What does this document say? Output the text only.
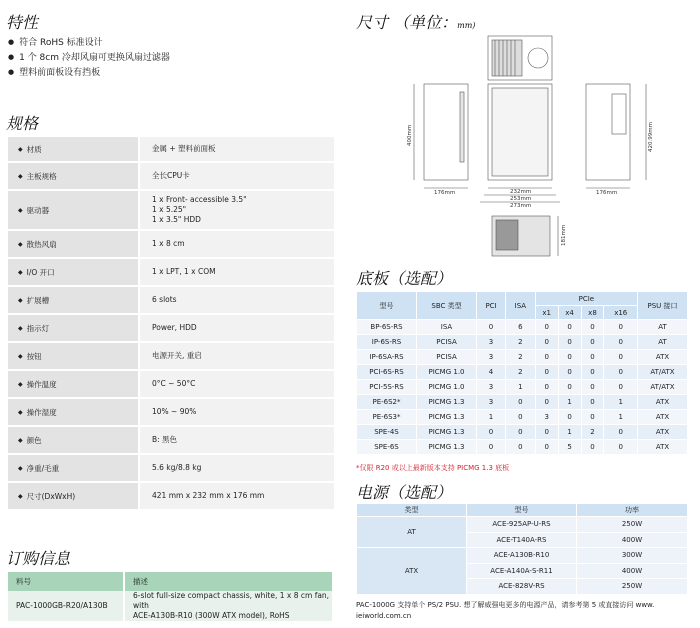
特性
● 符合 RoHS 标准设计
● 1 个 8cm 冷却风扇可更换风扇过滤器
● 塑料前面板设有挡板
规格
◆ 材质	金属 + 塑料前面板
◆ 主板规格	全长CPU卡
◆ 驱动器
1 x Front- accessible 3.5"
1 x 5.25"
1 x 3.5" HDD
◆ 散热风扇	1 x 8 cm
◆ I/O 开口	1 x LPT, 1 x COM
◆ 扩展槽	6 slots
◆ 指示灯	Power, HDD
◆ 按钮	电源开关, 重启
◆ 操作温度	0°C ~ 50°C
◆ 操作湿度	10% ~ 90%
◆ 颜色	B: 黑色
◆ 净重/毛重	5.6 kg/8.8 kg
◆ 尺寸(DxWxH)	421 mm x 232 mm x 176 mm
订购信息
料号	描述
PAC-1000GB-R20/A130B	6-slot full-size compact chassis, white, 1 x 8 cm fan, with
ACE-A130B-R10 (300W ATX model), RoHS
尺寸 （单位：mm)
400mm	420.99mm
176mm	232mm
253mm
273mm
176mm
181mm
底板（选配）
型号	SBC 类型	PCI	ISA	PCIe				PSU 接口
				x1	x4	x8	x16	
BP-6S-RS	ISA	0	6	0	0	0	0	AT
IP-6S-RS	PCISA	3	2	0	0	0	0	AT
IP-6SA-RS	PCISA	3	2	0	0	0	0	ATX
PCI-6S-RS	PICMG 1.0	4	2	0	0	0	0	AT/ATX
PCI-5S-RS	PICMG 1.0	3	1	0	0	0	0	AT/ATX
PE-6S2*	PICMG 1.3	3	0	0	1	0	1	ATX
PE-6S3*	PICMG 1.3	1	0	3	0	0	1	ATX
SPE-4S	PICMG 1.3	0	0	0	1	2	0	ATX
SPE-6S	PICMG 1.3	0	0	0	5	0	0	ATX
*仅限 R20 或以上最新版本支持 PICMG 1.3 底板
电源（选配）
类型	型号	功率
AT	ACE-925AP-U-RS	250W
	ACE-T140A-RS	400W
ATX	ACE-A130B-R10	300W
	ACE-A140A-S-R11	400W
	ACE-828V-RS	250W
PAC-1000G 支持单个 PS/2 PSU. 想了解威强电更多的电源产品，请参考第 5 或直接访问 www.
ieiworld.com.cn
